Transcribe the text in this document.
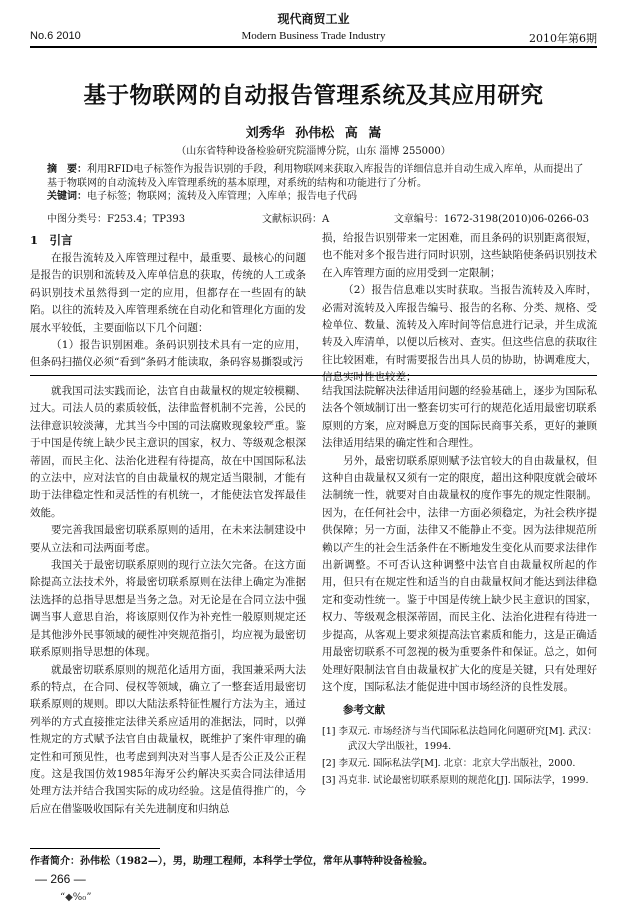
现代商贸工业
No.6 2010	Modern Business Trade Industry	2010年第6期
基于物联网的自动报告管理系统及其应用研究
刘秀华 孙伟松 高 嵩
（山东省特种设备检验研究院淄博分院，山东 淄博 255000）
摘　要：利用RFID电子标签作为报告识别的手段，利用物联网来获取入库报告的详细信息并自动生成入库单，从而提出了基于物联网的自动流转及入库管理系统的基本原理，对系统的结构和功能进行了分析。
关键词：电子标签；物联网；流转及入库管理；入库单；报告电子代码
中图分类号：F253.4；TP393	文献标识码：A	文章编号：1672-3198(2010)06-0266-03

1　引言

在报告流转及入库管理过程中，最重要、最核心的问题是报告的识别和流转及入库单信息的获取，传统的人工或条码识别技术虽然得到一定的应用，但都存在一些固有的缺陷。以往的流转及入库管理系统在自动化和管理化方面的发展水平较低，主要面临以下几个问题：

（1）报告识别困难。条码识别技术具有一定的应用，但条码扫描仪必须“看到”条码才能读取，条码容易撕裂或污

损，给报告识别带来一定困难，而且条码的识别距离很短，也不能对多个报告进行同时识别，这些缺陷使条码识别技术在入库管理方面的应用受到一定限制；

（2）报告信息难以实时获取。当报告流转及入库时，必需对流转及入库报告编号、报告的名称、分类、规格、受检单位、数量、流转及入库时间等信息进行记录，并生成流转及入库清单，以便以后核对、查实。但这些信息的获取往往比较困难，有时需要报告出具人员的协助，协调难度大，信息实时性也较差；

就我国司法实践而论，法官自由裁量权的规定较模糊、过大。司法人员的素质较低，法律监督机制不完善，公民的法律意识较淡薄，尤其当今中国的司法腐败现象较严重。鉴于中国是传统上缺少民主意识的国家，权力、等级观念根深蒂固，而民主化、法治化进程有待提高，故在中国国际私法的立法中，应对法官的自由裁量权的规定适当限制，才能有助于法律稳定性和灵活性的有机统一，才能使法官发挥最佳效能。

要完善我国最密切联系原则的适用，在未来法制建设中要从立法和司法两面考虑。

我国关于最密切联系原则的现行立法欠完备。在这方面除提高立法技术外，将最密切联系原则在法律上确定为准据法选择的总指导思想是当务之急。对无论是在合同立法中强调当事人意思自治，将该原则仅作为补充性一般原则规定还是其他涉外民事领域的硬性冲突规范指引，均应视为最密切联系原则指导思想的体现。

就最密切联系原则的规范化适用方面，我国兼采两大法系的特点，在合同、侵权等领域，确立了一整套适用最密切联系原则的规则。即以大陆法系特征性履行方法为主，通过列举的方式直接推定法律关系应适用的准据法，同时，以弹性规定的方式赋予法官自由裁量权，既维护了案件审理的确定性和可预见性，也考虑到判决对当事人是否公正及公正程度。这是我国仿效1985年海牙公约解决买卖合同法律适用处理方法并结合我国实际的成功经验。这是值得推广的，今后应在借鉴吸收国际有关先进制度和归纳总

结我国法院解决法律适用问题的经验基础上，逐步为国际私法各个领域制订出一整套切实可行的规范化适用最密切联系原则的方案，应对瞬息万变的国际民商事关系，更好的兼顾法律适用结果的确定性和合理性。

另外，最密切联系原则赋予法官较大的自由裁量权，但这种自由裁量权又须有一定的限度，超出这种限度就会破坏法制统一性，就要对自由裁量权的度作事先的规定性限制。因为，在任何社会中，法律一方面必须稳定，为社会秩序提供保障；另一方面，法律又不能静止不变。因为法律规范所赖以产生的社会生活条件在不断地发生变化从而要求法律作出新调整。不可否认这种调整中法官自由裁量权所起的作用，但只有在规定性和适当的自由裁量权间才能达到法律稳定和变动性统一。鉴于中国是传统上缺少民主意识的国家，权力、等级观念根深蒂固，而民主化、法治化进程有待进一步提高，从客观上要求须提高法官素质和能力，这是正确适用最密切联系不可忽视的极为重要条件和保证。总之，如何处理好限制法官自由裁量权扩大化的度是关键，只有处理好这个度，国际私法才能促进中国市场经济的良性发展。

参考文献

[1] 李双元. 市场经济与当代国际私法趋同化问题研究[M]. 武汉：武汉大学出版社，1994.

[2] 李双元. 国际私法学[M]. 北京：北京大学出版社，2000.

[3] 冯克非. 试论最密切联系原则的规范化[J]. 国际法学，1999.

作者简介：孙伟松（1982—），男，助理工程师，本科学士学位，常年从事特种设备检验。
— 266 —
“◆%₀”
